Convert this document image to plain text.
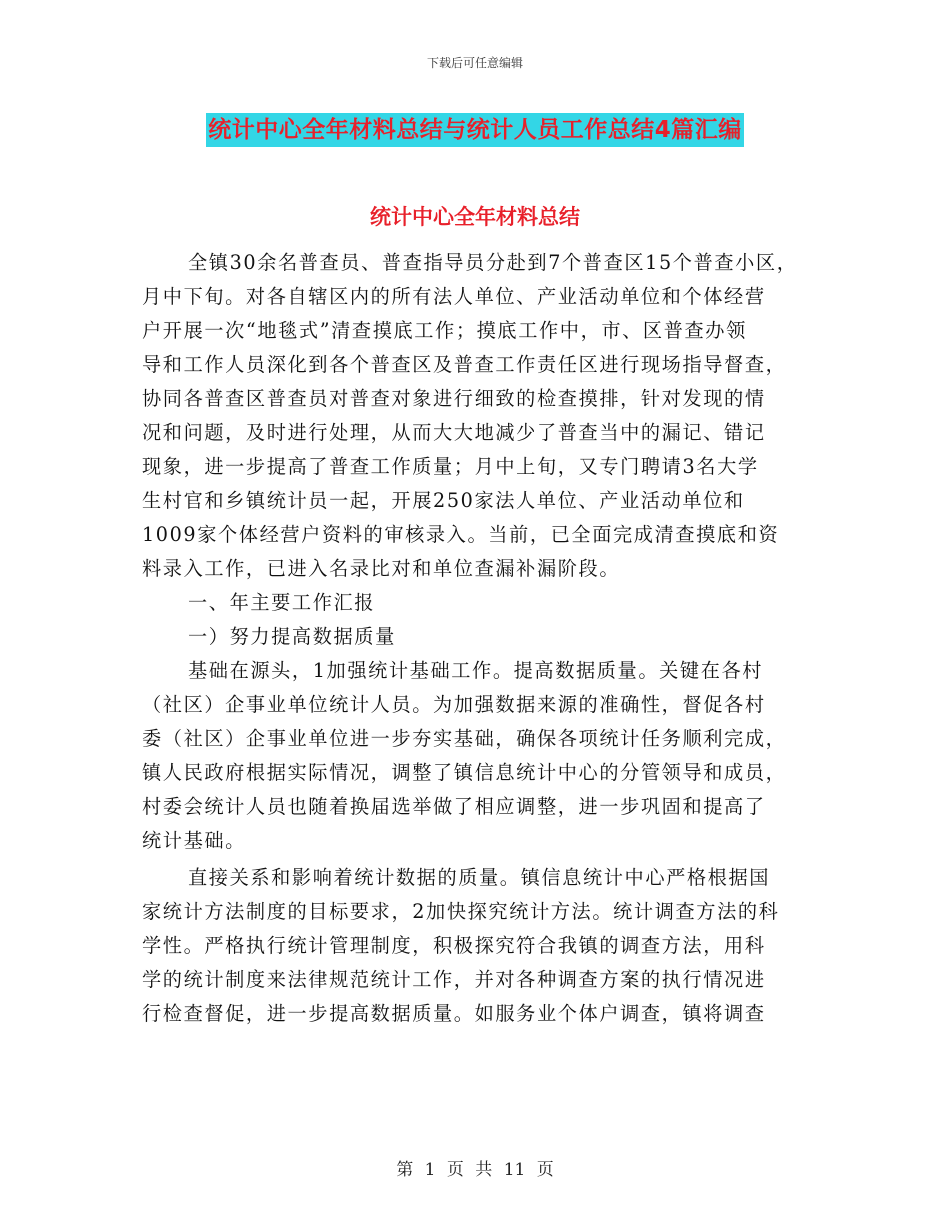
下载后可任意编辑
统计中心全年材料总结与统计人员工作总结4篇汇编
统计中心全年材料总结
全镇30余名普查员、普查指导员分赴到7个普查区15个普查小区，
月中下旬。对各自辖区内的所有法人单位、产业活动单位和个体经营
户开展一次“地毯式”清查摸底工作；摸底工作中，市、区普查办领
导和工作人员深化到各个普查区及普查工作责任区进行现场指导督查，
协同各普查区普查员对普查对象进行细致的检查摸排，针对发现的情
况和问题，及时进行处理，从而大大地减少了普查当中的漏记、错记
现象，进一步提高了普查工作质量；月中上旬，又专门聘请3名大学
生村官和乡镇统计员一起，开展250家法人单位、产业活动单位和
1009家个体经营户资料的审核录入。当前，已全面完成清查摸底和资
料录入工作，已进入名录比对和单位查漏补漏阶段。
一、年主要工作汇报
一）努力提高数据质量
基础在源头，1加强统计基础工作。提高数据质量。关键在各村
（社区）企事业单位统计人员。为加强数据来源的准确性，督促各村
委（社区）企事业单位进一步夯实基础，确保各项统计任务顺利完成，
镇人民政府根据实际情况，调整了镇信息统计中心的分管领导和成员，
村委会统计人员也随着换届选举做了相应调整，进一步巩固和提高了
统计基础。
直接关系和影响着统计数据的质量。镇信息统计中心严格根据国
家统计方法制度的目标要求，2加快探究统计方法。统计调查方法的科
学性。严格执行统计管理制度，积极探究符合我镇的调查方法，用科
学的统计制度来法律规范统计工作，并对各种调查方案的执行情况进
行检查督促，进一步提高数据质量。如服务业个体户调查，镇将调查
第 1 页 共 11 页
